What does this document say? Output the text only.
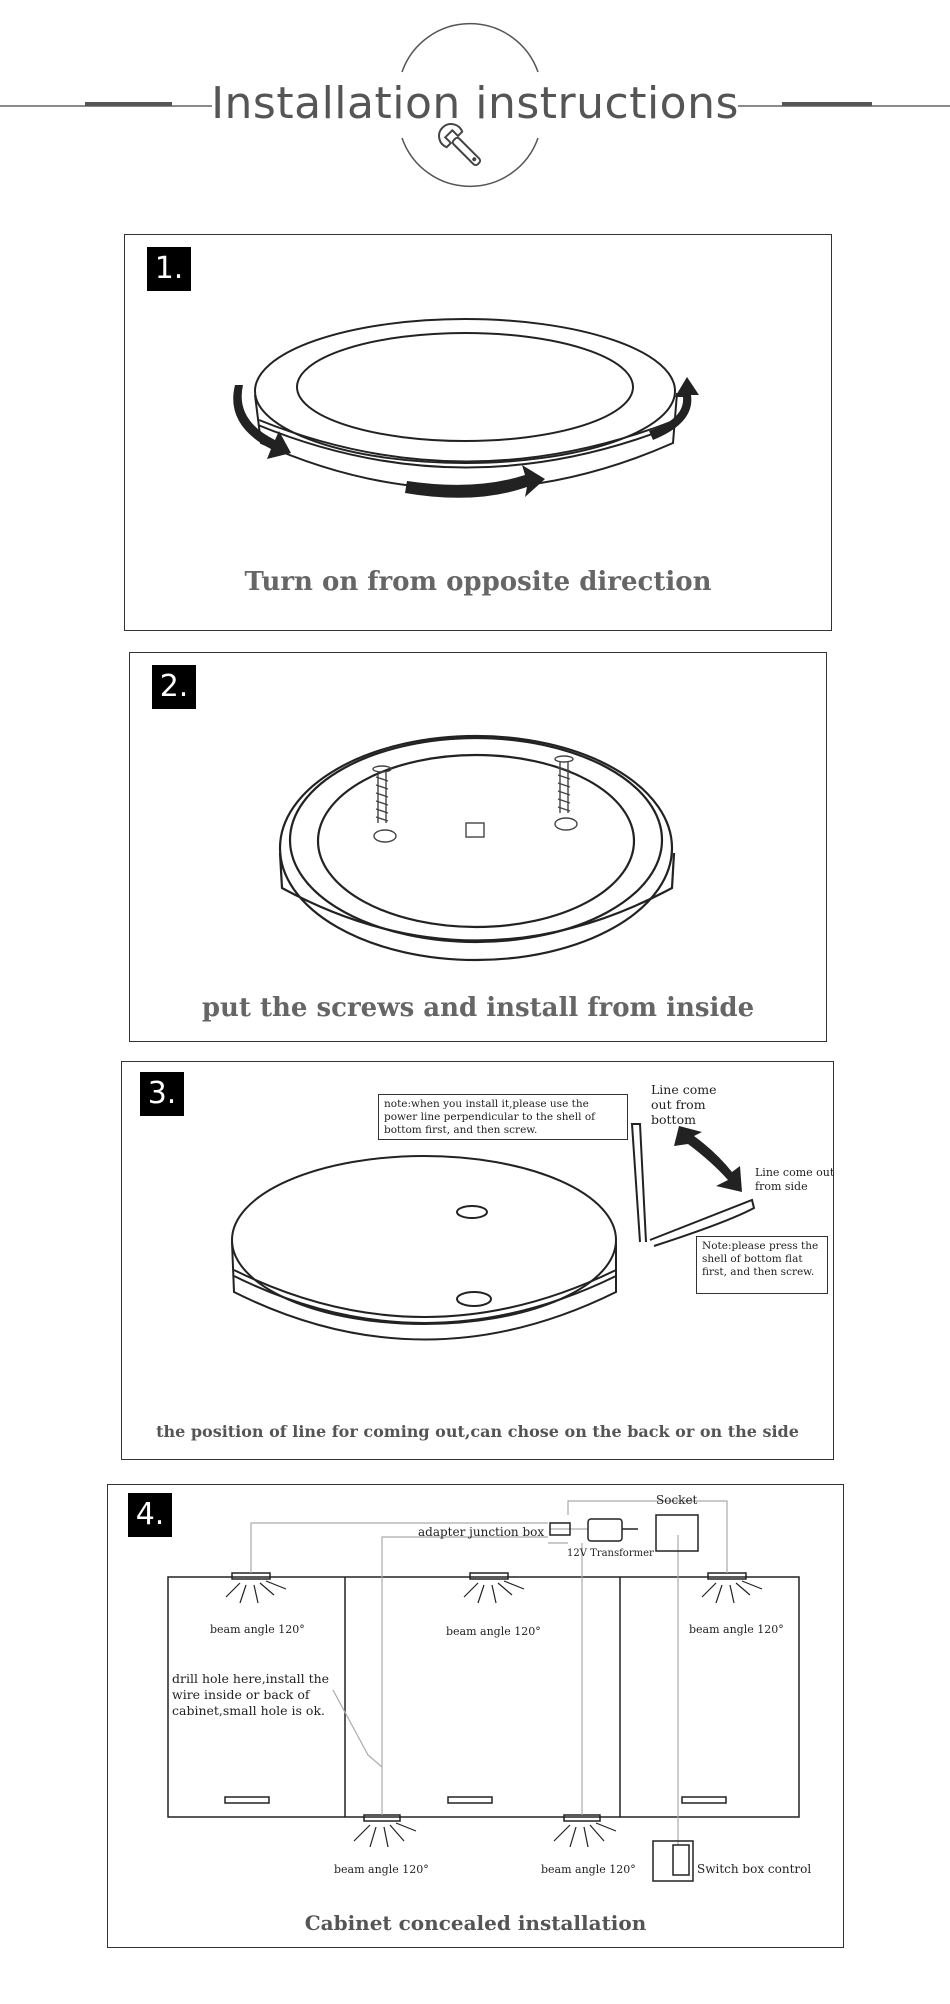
Installation instructions
1.
Turn on from opposite direction
2.
put the screws and install from inside
3.	note:when you install it,please use the power line perpendicular to the shell of bottom first, and then screw.
Line come out from bottom
Line come out from side
Note:please press the shell of bottom flat first, and then screw.
the position of line for coming out,can chose on the back or on the side
4.	Socket
adapter junction box
12V Transformer
beam angle 120°	beam angle 120°	beam angle 120°
beam angle 120°	beam angle 120°
drill hole here,install the wire inside or back of cabinet,small hole is ok.
Switch box control
Cabinet concealed installation
